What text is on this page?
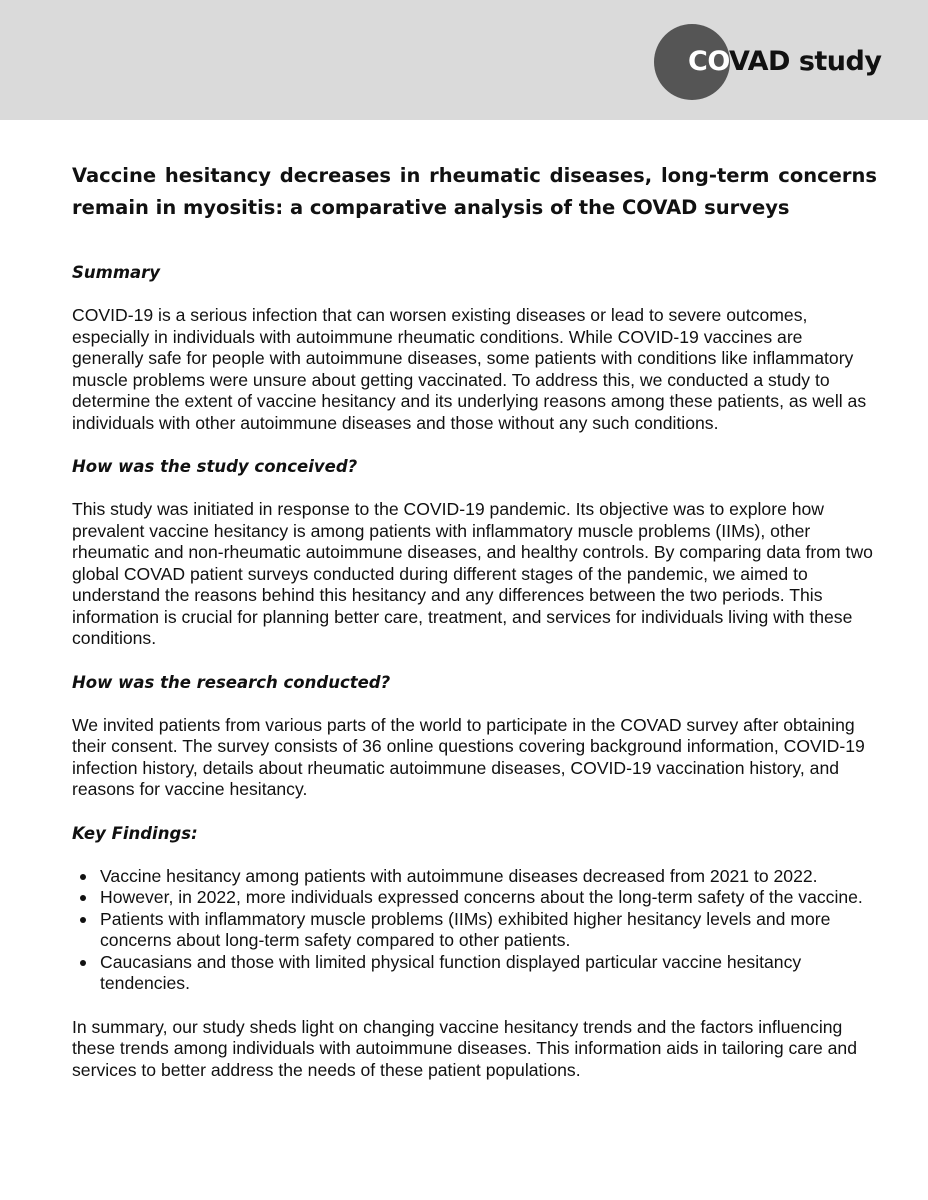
COVAD study
Vaccine hesitancy decreases in rheumatic diseases, long-term concerns remain in myositis: a comparative analysis of the COVAD surveys
Summary

COVID-19 is a serious infection that can worsen existing diseases or lead to severe outcomes, especially in individuals with autoimmune rheumatic conditions. While COVID-19 vaccines are generally safe for people with autoimmune diseases, some patients with conditions like inflammatory muscle problems were unsure about getting vaccinated. To address this, we conducted a study to determine the extent of vaccine hesitancy and its underlying reasons among these patients, as well as individuals with other autoimmune diseases and those without any such conditions.

How was the study conceived?

This study was initiated in response to the COVID-19 pandemic. Its objective was to explore how prevalent vaccine hesitancy is among patients with inflammatory muscle problems (IIMs), other rheumatic and non-rheumatic autoimmune diseases, and healthy controls. By comparing data from two global COVAD patient surveys conducted during different stages of the pandemic, we aimed to understand the reasons behind this hesitancy and any differences between the two periods. This information is crucial for planning better care, treatment, and services for individuals living with these conditions.

How was the research conducted?

We invited patients from various parts of the world to participate in the COVAD survey after obtaining their consent. The survey consists of 36 online questions covering background information, COVID-19 infection history, details about rheumatic autoimmune diseases, COVID-19 vaccination history, and reasons for vaccine hesitancy.

Key Findings:
Vaccine hesitancy among patients with autoimmune diseases decreased from 2021 to 2022.
However, in 2022, more individuals expressed concerns about the long-term safety of the vaccine.
Patients with inflammatory muscle problems (IIMs) exhibited higher hesitancy levels and more concerns about long-term safety compared to other patients.
Caucasians and those with limited physical function displayed particular vaccine hesitancy tendencies.

In summary, our study sheds light on changing vaccine hesitancy trends and the factors influencing these trends among individuals with autoimmune diseases. This information aids in tailoring care and services to better address the needs of these patient populations.
